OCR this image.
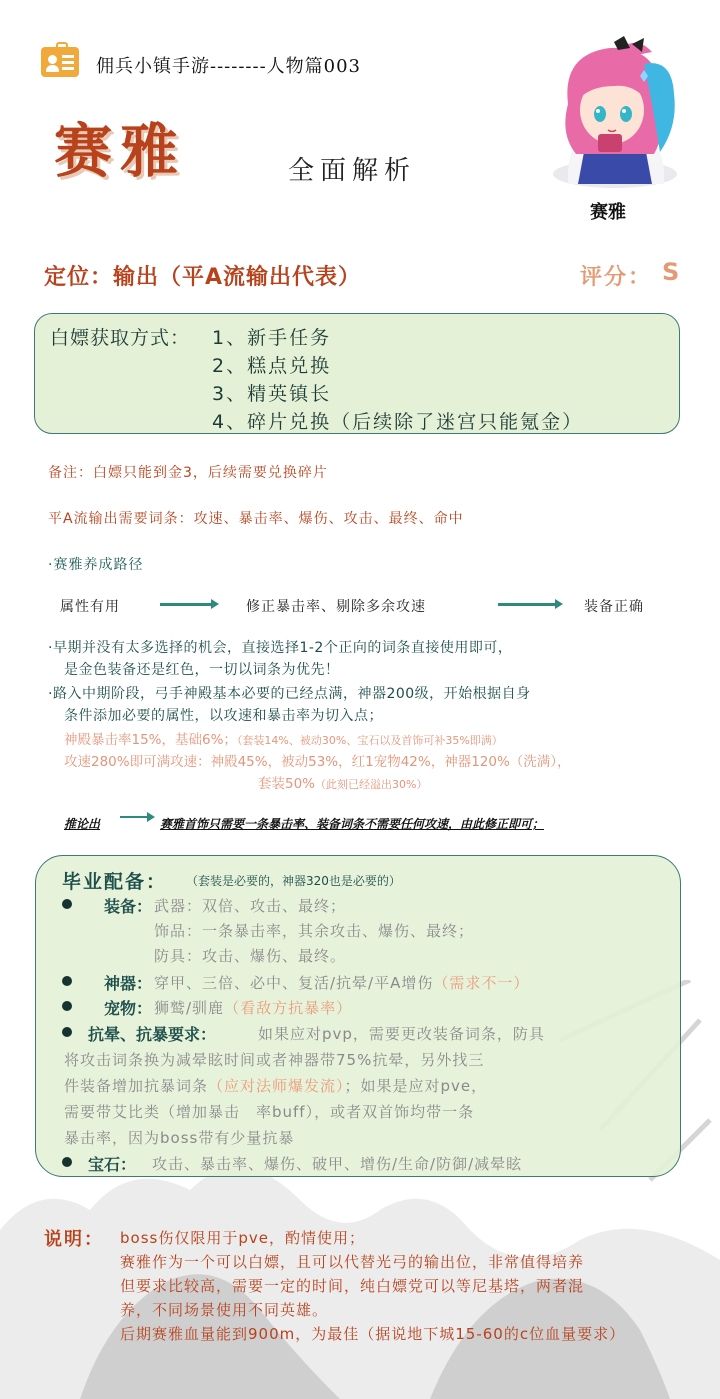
佣兵小镇手游--------人物篇003
赛雅	全面解析
赛雅
定位：输出（平A流输出代表）	评分： S
白嫖获取方式： 1、新手任务
2、糕点兑换
3、精英镇长
4、碎片兑换（后续除了迷宫只能氪金）
备注：白嫖只能到金3，后续需要兑换碎片
平A流输出需要词条：攻速、暴击率、爆伤、攻击、最终、命中
·赛雅养成路径
属性有用	修正暴击率、剔除多余攻速	装备正确
·早期并没有太多选择的机会，直接选择1-2个正向的词条直接使用即可，
是金色装备还是红色，一切以词条为优先！
·路入中期阶段，弓手神殿基本必要的已经点满，神器200级，开始根据自身
条件添加必要的属性，以攻速和暴击率为切入点；
神殿暴击率15%，基础6%；（套装14%、被动30%、宝石以及首饰可补35%即满）
攻速280%即可满攻速：神殿45%，被动53%，红1宠物42%，神器120%（洗满），
套装50%（此刻已经溢出30%）
推论出	赛雅首饰只需要一条暴击率、装备词条不需要任何攻速，由此修正即可；
毕业配备： （套装是必要的，神器320也是必要的）
装备： 武器：双倍、攻击、最终；
饰品：一条暴击率，其余攻击、爆伤、最终；
防具：攻击、爆伤、最终。
神器： 穿甲、三倍、必中、复活/抗晕/平A增伤（需求不一）
宠物： 狮鹫/驯鹿（看敌方抗暴率）
抗晕、抗暴要求：	如果应对pvp，需要更改装备词条，防具
将攻击词条换为减晕眩时间或者神器带75%抗晕，另外找三
件装备增加抗暴词条（应对法师爆发流）；如果是应对pve，
需要带艾比类（增加暴击　率buff），或者双首饰均带一条
暴击率，因为boss带有少量抗暴
宝石： 攻击、暴击率、爆伤、破甲、增伤/生命/防御/减晕眩
说明： boss伤仅限用于pve，酌情使用；
赛雅作为一个可以白嫖，且可以代替光弓的输出位，非常值得培养
但要求比较高，需要一定的时间，纯白嫖党可以等尼基塔，两者混
养，不同场景使用不同英雄。
后期赛雅血量能到900m，为最佳（据说地下城15-60的c位血量要求）
